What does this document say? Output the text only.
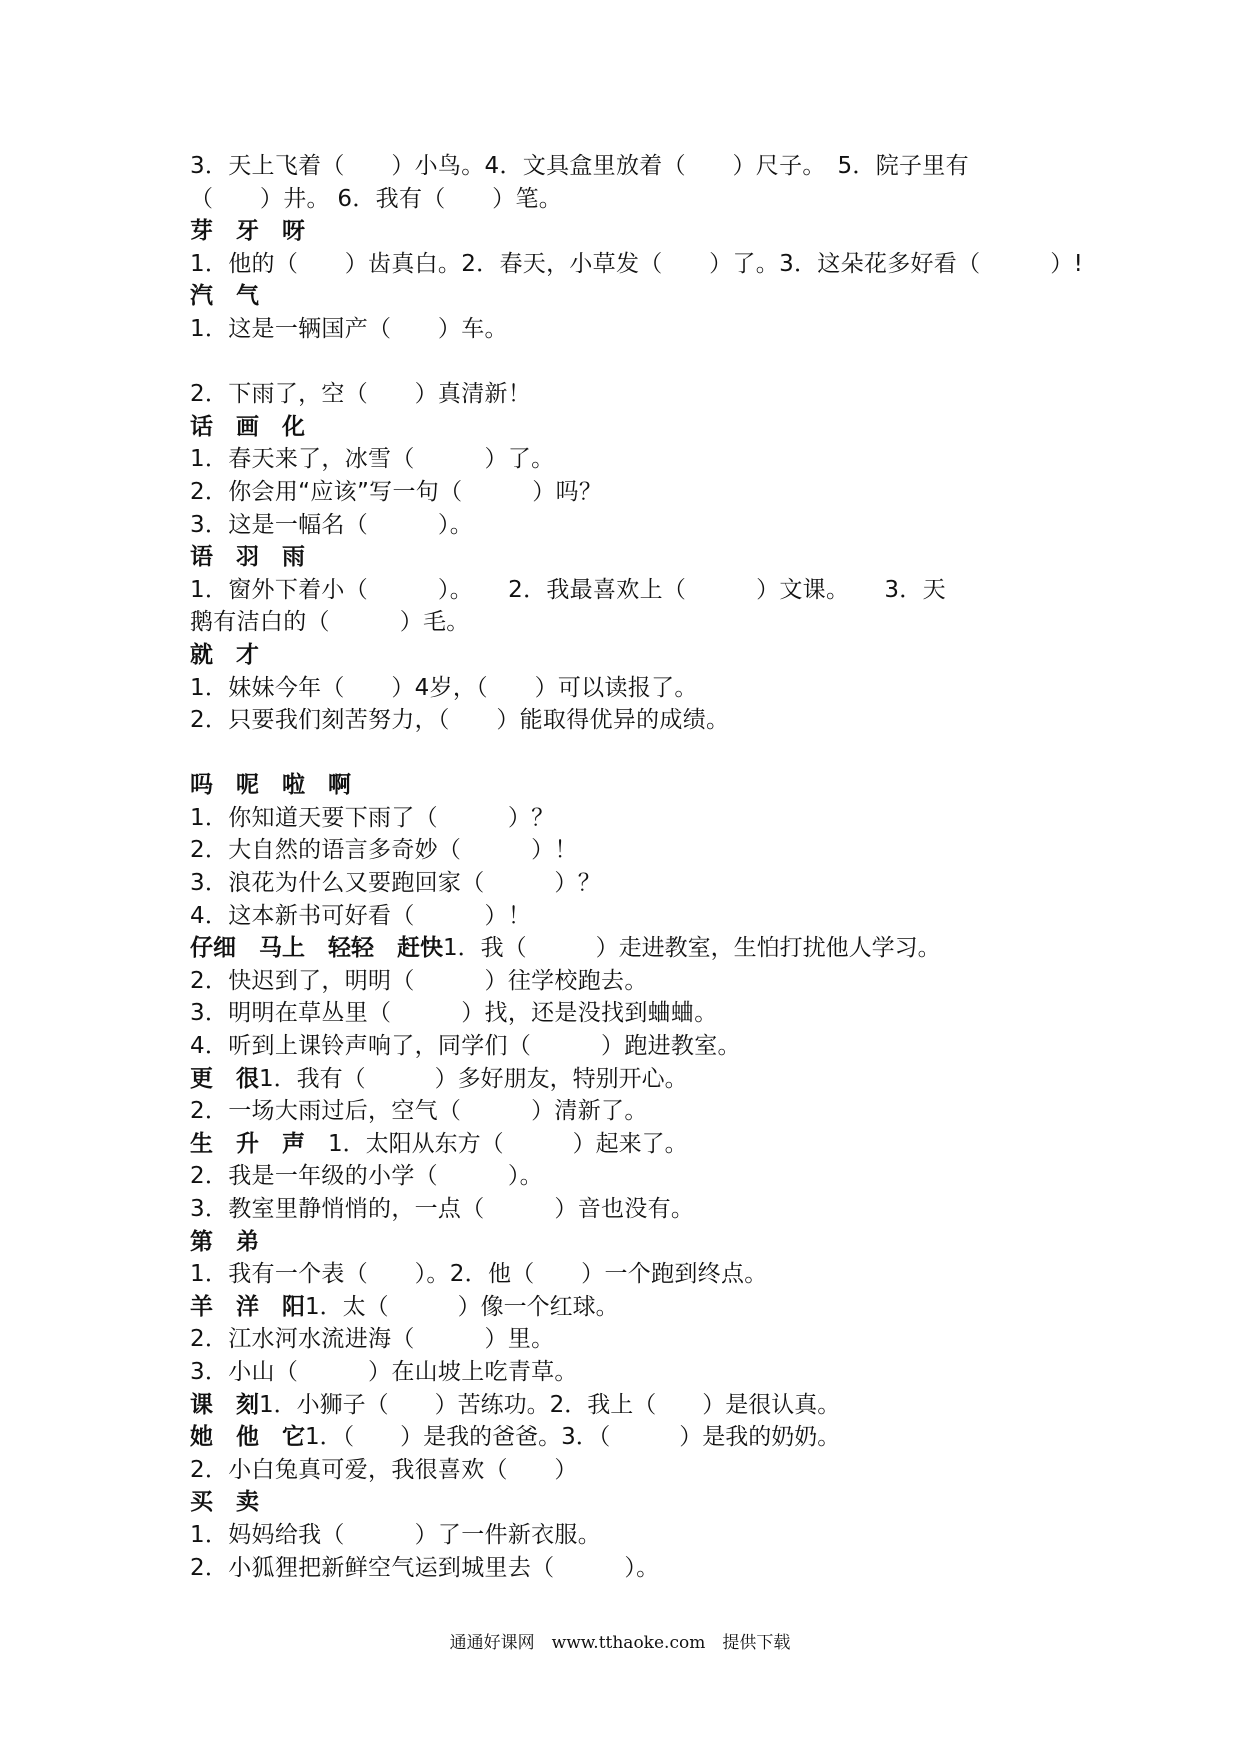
3．天上飞着（　　）小鸟。4．文具盒里放着（　　）尺子。　5．院子里有
（　　）井。 6．我有（　　）笔。
芽　牙　呀
1．他的（　　）齿真白。2．春天，小草发（　　）了。3．这朵花多好看（　　　）!
汽　气
1．这是一辆国产（　　）车。
2．下雨了，空（　　）真清新！
话　画　化
1．春天来了，冰雪（　　　）了。
2．你会用“应该”写一句（　　　）吗？
3．这是一幅名（　　　）。
语　羽　雨
1．窗外下着小（　　　）。　　2．我最喜欢上（　　　）文课。　　3．天
鹅有洁白的（　　　）毛。
就　才
1．妹妹今年（　　）4岁，（　　）可以读报了。
2．只要我们刻苦努力，（　　）能取得优异的成绩。
吗　呢　啦　啊
1．你知道天要下雨了（　　　）？
2．大自然的语言多奇妙（　　　）！
3．浪花为什么又要跑回家（　　　）？
4．这本新书可好看（　　　）！
仔细　马上　轻轻　赶快1．我（　　　）走进教室，生怕打扰他人学习。
2．快迟到了，明明（　　　）往学校跑去。
3．明明在草丛里（　　　）找，还是没找到蛐蛐。
4．听到上课铃声响了，同学们（　　　）跑进教室。
更　很1．我有（　　　）多好朋友，特别开心。
2．一场大雨过后，空气（　　　）清新了。
生　升　声　1．太阳从东方（　　　）起来了。
2．我是一年级的小学（　　　）。
3．教室里静悄悄的，一点（　　　）音也没有。
第　弟
1．我有一个表（　　）。2．他（　　）一个跑到终点。
羊　洋　阳1．太（　　　）像一个红球。
2．江水河水流进海（　　　）里。
3．小山（　　　）在山坡上吃青草。
课　刻1．小狮子（　　）苦练功。2．我上（　　）是很认真。
她　他　它1．（　　）是我的爸爸。3．（　　　）是我的奶奶。
2．小白兔真可爱，我很喜欢（　　）
买　卖
1．妈妈给我（　　　）了一件新衣服。
2．小狐狸把新鲜空气运到城里去（　　　）。
通通好课网　www.tthaoke.com　提供下载
